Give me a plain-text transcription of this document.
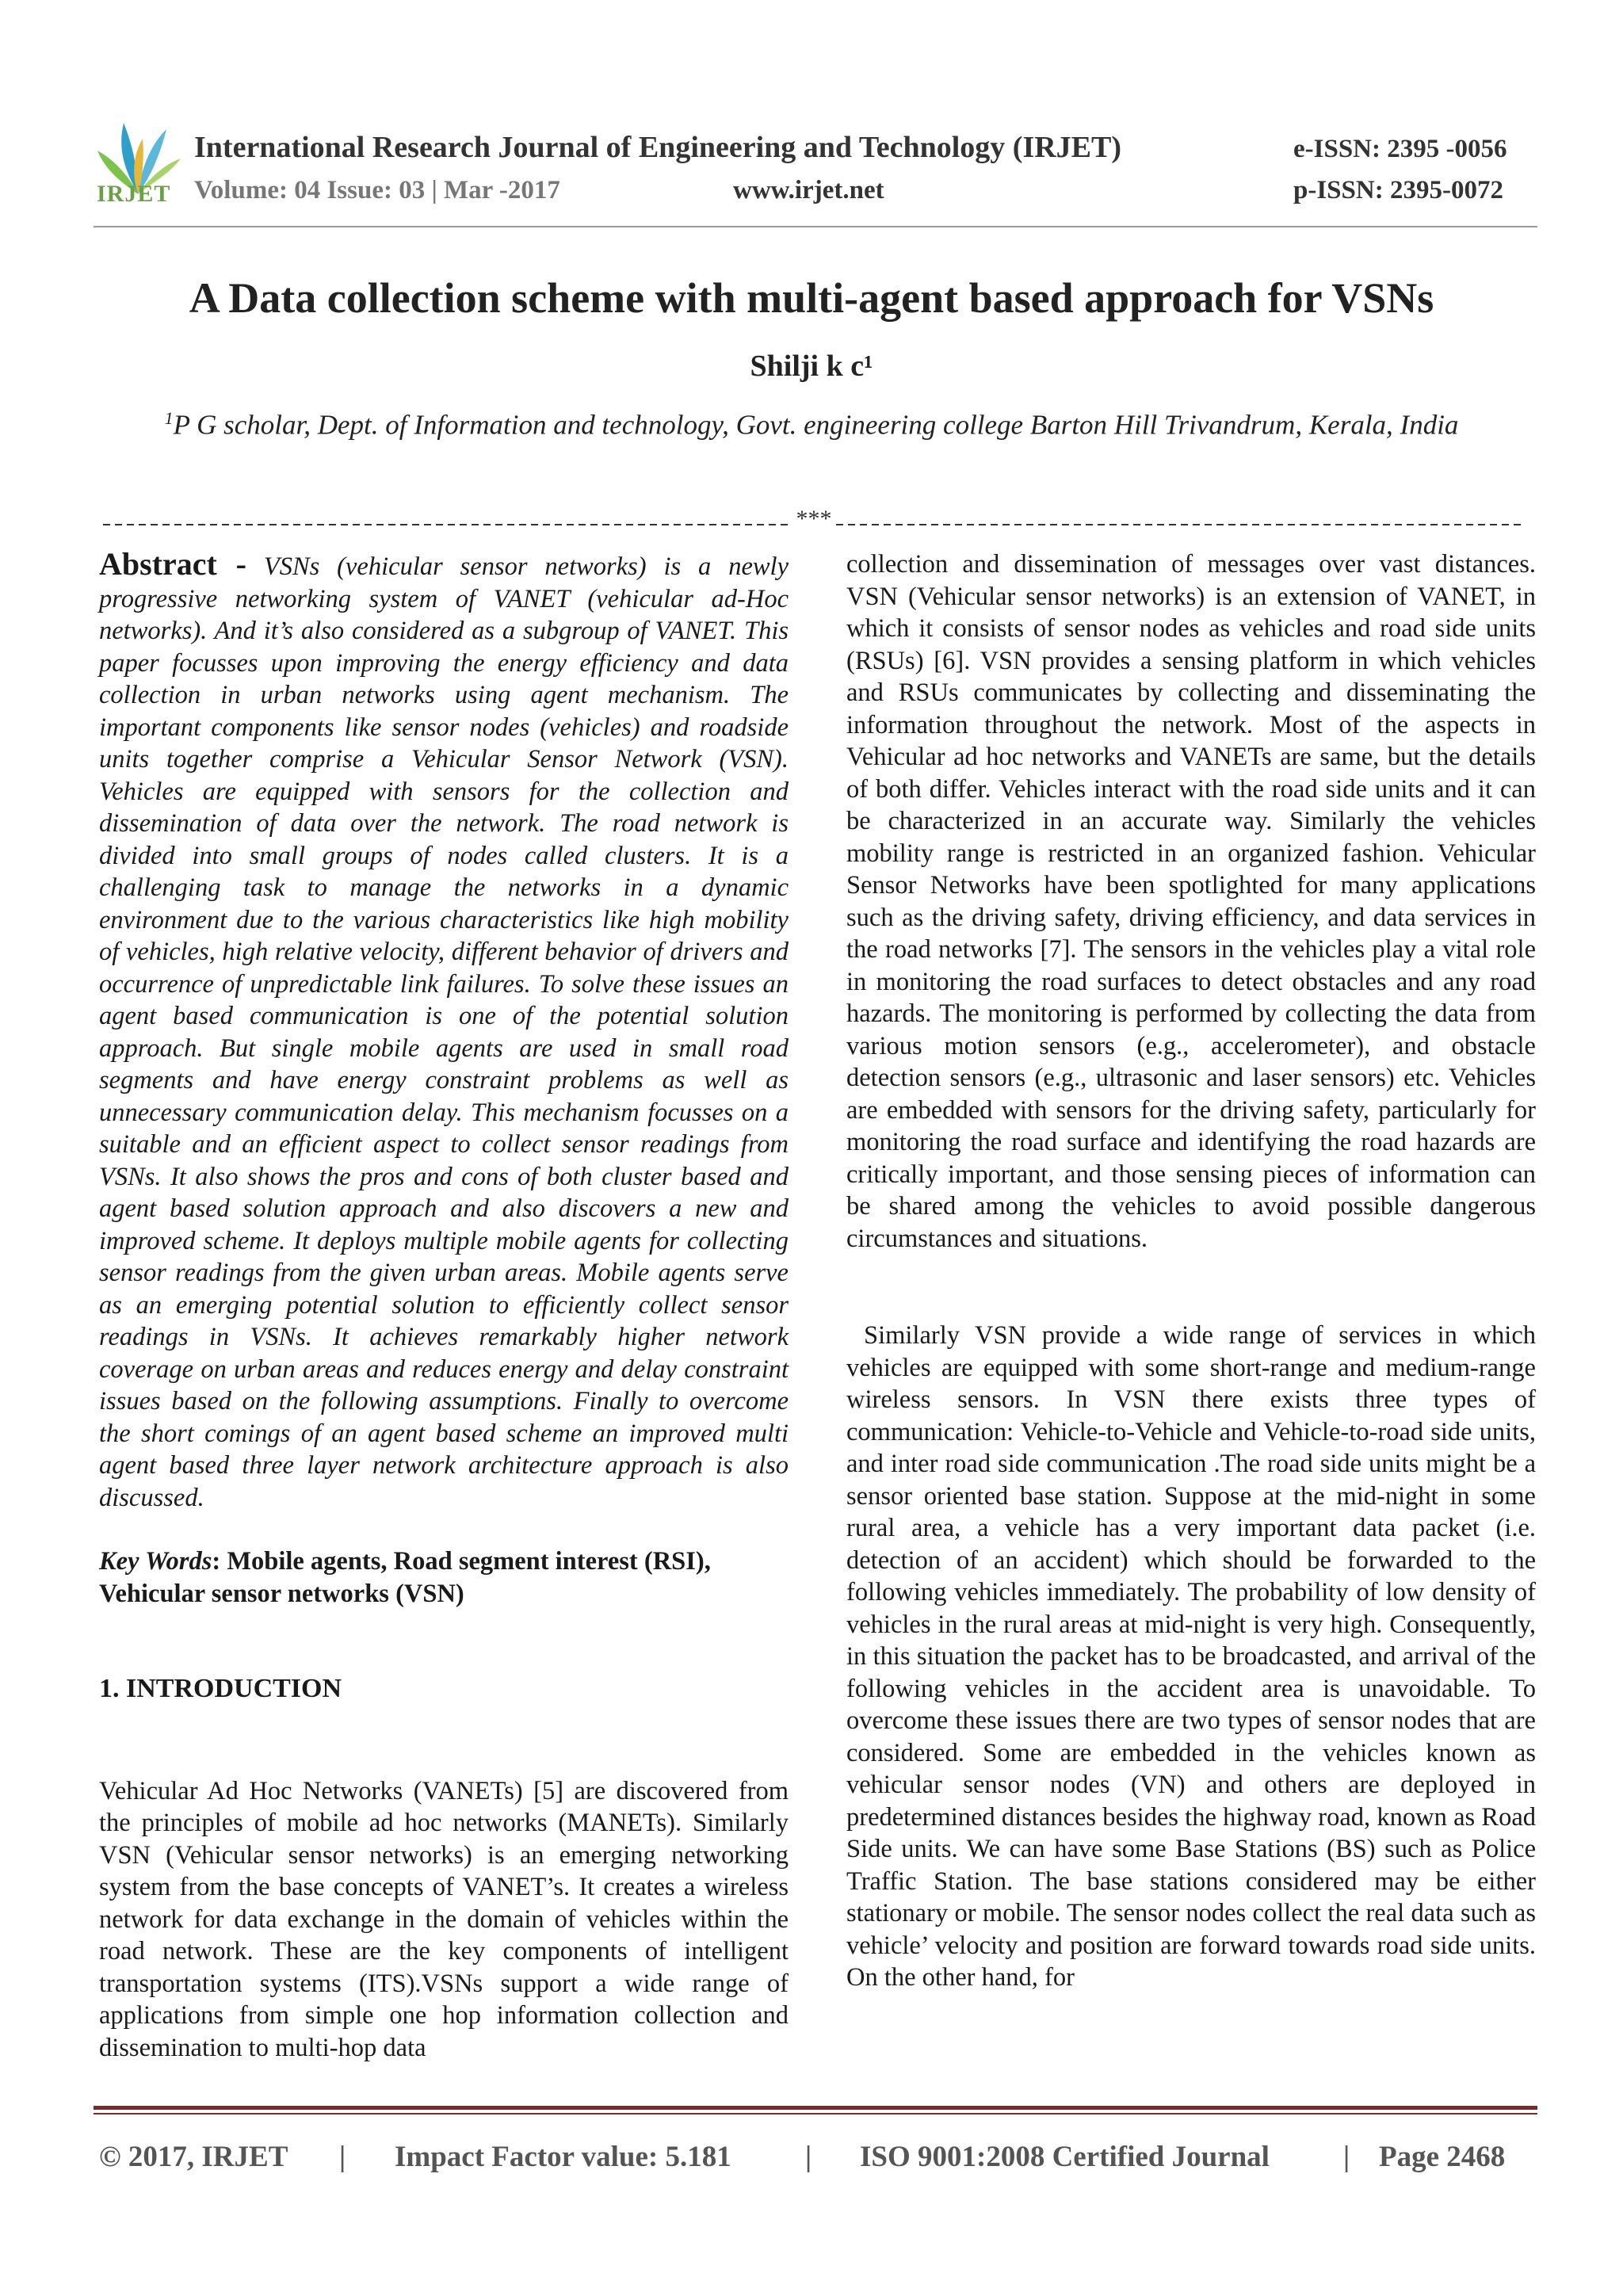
IRJET
International Research Journal of Engineering and Technology (IRJET)
Volume: 04 Issue: 03 | Mar -2017	www.irjet.net
e-ISSN: 2395 -0056
p-ISSN: 2395-0072
A Data collection scheme with multi-agent based approach for VSNs
Shilji k c¹
$^1$P G scholar, Dept. of Information and technology, Govt. engineering college Barton Hill Trivandrum, Kerala, India
***

Abstract - VSNs (vehicular sensor networks) is a newly progressive networking system of VANET (vehicular ad-Hoc networks). And it’s also considered as a subgroup of VANET. This paper focusses upon improving the energy efficiency and data collection in urban networks using agent mechanism. The important components like sensor nodes (vehicles) and roadside units together comprise a Vehicular Sensor Network (VSN). Vehicles are equipped with sensors for the collection and dissemination of data over the network. The road network is divided into small groups of nodes called clusters. It is a challenging task to manage the networks in a dynamic environment due to the various characteristics like high mobility of vehicles, high relative velocity, different behavior of drivers and occurrence of unpredictable link failures. To solve these issues an agent based communication is one of the potential solution approach. But single mobile agents are used in small road segments and have energy constraint problems as well as unnecessary communication delay. This mechanism focusses on a suitable and an efficient aspect to collect sensor readings from VSNs. It also shows the pros and cons of both cluster based and agent based solution approach and also discovers a new and improved scheme. It deploys multiple mobile agents for collecting sensor readings from the given urban areas. Mobile agents serve as an emerging potential solution to efficiently collect sensor readings in VSNs. It achieves remarkably higher network coverage on urban areas and reduces energy and delay constraint issues based on the following assumptions. Finally to overcome the short comings of an agent based scheme an improved multi agent based three layer network architecture approach is also discussed.

Key Words: Mobile agents, Road segment interest (RSI), Vehicular sensor networks (VSN)

1. INTRODUCTION

Vehicular Ad Hoc Networks (VANETs) [5] are discovered from the principles of mobile ad hoc networks (MANETs). Similarly VSN (Vehicular sensor networks) is an emerging networking system from the base concepts of VANET’s. It creates a wireless network for data exchange in the domain of vehicles within the road network. These are the key components of intelligent transportation systems (ITS).VSNs support a wide range of applications from simple one hop information collection and dissemination to multi-hop data

collection and dissemination of messages over vast distances. VSN (Vehicular sensor networks) is an extension of VANET, in which it consists of sensor nodes as vehicles and road side units (RSUs) [6]. VSN provides a sensing platform in which vehicles and RSUs communicates by collecting and disseminating the information throughout the network. Most of the aspects in Vehicular ad hoc networks and VANETs are same, but the details of both differ. Vehicles interact with the road side units and it can be characterized in an accurate way. Similarly the vehicles mobility range is restricted in an organized fashion. Vehicular Sensor Networks have been spotlighted for many applications such as the driving safety, driving efficiency, and data services in the road networks [7]. The sensors in the vehicles play a vital role in monitoring the road surfaces to detect obstacles and any road hazards. The monitoring is performed by collecting the data from various motion sensors (e.g., accelerometer), and obstacle detection sensors (e.g., ultrasonic and laser sensors) etc. Vehicles are embedded with sensors for the driving safety, particularly for monitoring the road surface and identifying the road hazards are critically important, and those sensing pieces of information can be shared among the vehicles to avoid possible dangerous circumstances and situations.

Similarly VSN provide a wide range of services in which vehicles are equipped with some short-range and medium-range wireless sensors. In VSN there exists three types of communication: Vehicle-to-Vehicle and Vehicle-to-road side units, and inter road side communication .The road side units might be a sensor oriented base station. Suppose at the mid-night in some rural area, a vehicle has a very important data packet (i.e. detection of an accident) which should be forwarded to the following vehicles immediately. The probability of low density of vehicles in the rural areas at mid-night is very high. Consequently, in this situation the packet has to be broadcasted, and arrival of the following vehicles in the accident area is unavoidable. To overcome these issues there are two types of sensor nodes that are considered. Some are embedded in the vehicles known as vehicular sensor nodes (VN) and others are deployed in predetermined distances besides the highway road, known as Road Side units. We can have some Base Stations (BS) such as Police Traffic Station. The base stations considered may be either stationary or mobile. The sensor nodes collect the real data such as vehicle’ velocity and position are forward towards road side units. On the other hand, for

© 2017, IRJET | Impact Factor value: 5.181	| ISO 9001:2008 Certified Journal	| Page 2468
